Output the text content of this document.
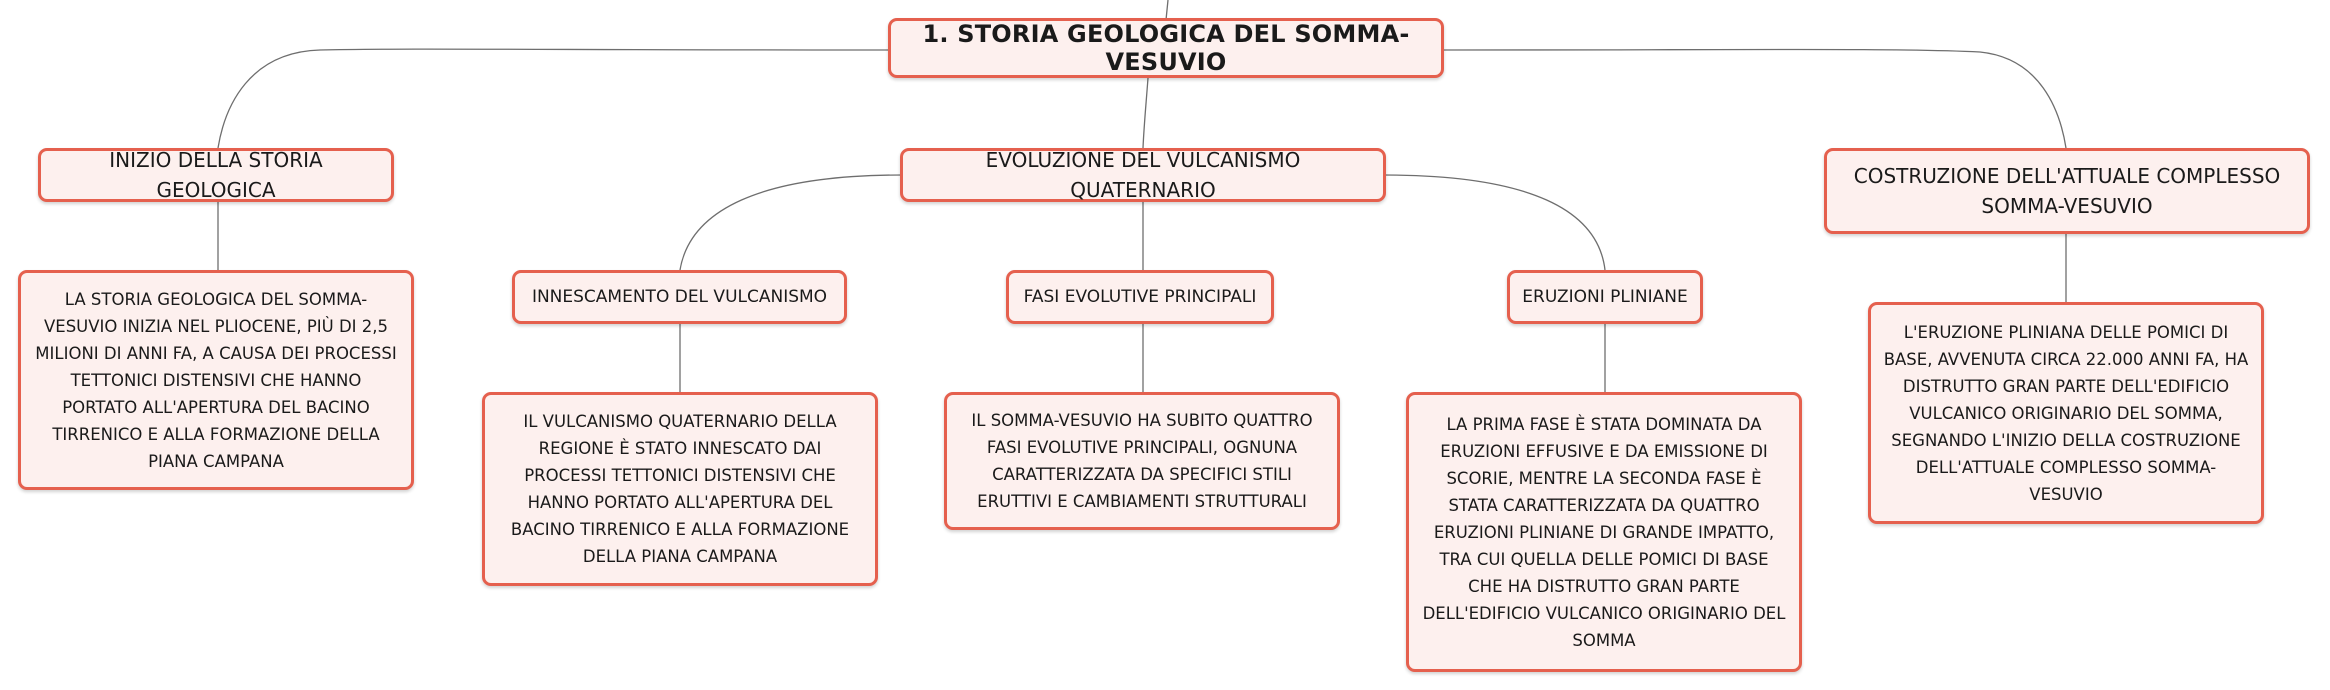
1. STORIA GEOLOGICA DEL SOMMA-VESUVIO
INIZIO DELLA STORIA GEOLOGICA
EVOLUZIONE DEL VULCANISMO QUATERNARIO
COSTRUZIONE DELL'ATTUALE COMPLESSO SOMMA-VESUVIO
LA STORIA GEOLOGICA DEL SOMMA-VESUVIO INIZIA NEL PLIOCENE, PIÙ DI 2,5 MILIONI DI ANNI FA, A CAUSA DEI PROCESSI TETTONICI DISTENSIVI CHE HANNO PORTATO ALL'APERTURA DEL BACINO TIRRENICO E ALLA FORMAZIONE DELLA PIANA CAMPANA
INNESCAMENTO DEL VULCANISMO	FASI EVOLUTIVE PRINCIPALI	ERUZIONI PLINIANE
IL VULCANISMO QUATERNARIO DELLA REGIONE È STATO INNESCATO DAI PROCESSI TETTONICI DISTENSIVI CHE HANNO PORTATO ALL'APERTURA DEL BACINO TIRRENICO E ALLA FORMAZIONE DELLA PIANA CAMPANA
IL SOMMA-VESUVIO HA SUBITO QUATTRO FASI EVOLUTIVE PRINCIPALI, OGNUNA CARATTERIZZATA DA SPECIFICI STILI ERUTTIVI E CAMBIAMENTI STRUTTURALI
LA PRIMA FASE È STATA DOMINATA DA ERUZIONI EFFUSIVE E DA EMISSIONE DI SCORIE, MENTRE LA SECONDA FASE È STATA CARATTERIZZATA DA QUATTRO ERUZIONI PLINIANE DI GRANDE IMPATTO, TRA CUI QUELLA DELLE POMICI DI BASE CHE HA DISTRUTTO GRAN PARTE DELL'EDIFICIO VULCANICO ORIGINARIO DEL SOMMA
L'ERUZIONE PLINIANA DELLE POMICI DI BASE, AVVENUTA CIRCA 22.000 ANNI FA, HA DISTRUTTO GRAN PARTE DELL'EDIFICIO VULCANICO ORIGINARIO DEL SOMMA, SEGNANDO L'INIZIO DELLA COSTRUZIONE DELL'ATTUALE COMPLESSO SOMMA-VESUVIO
